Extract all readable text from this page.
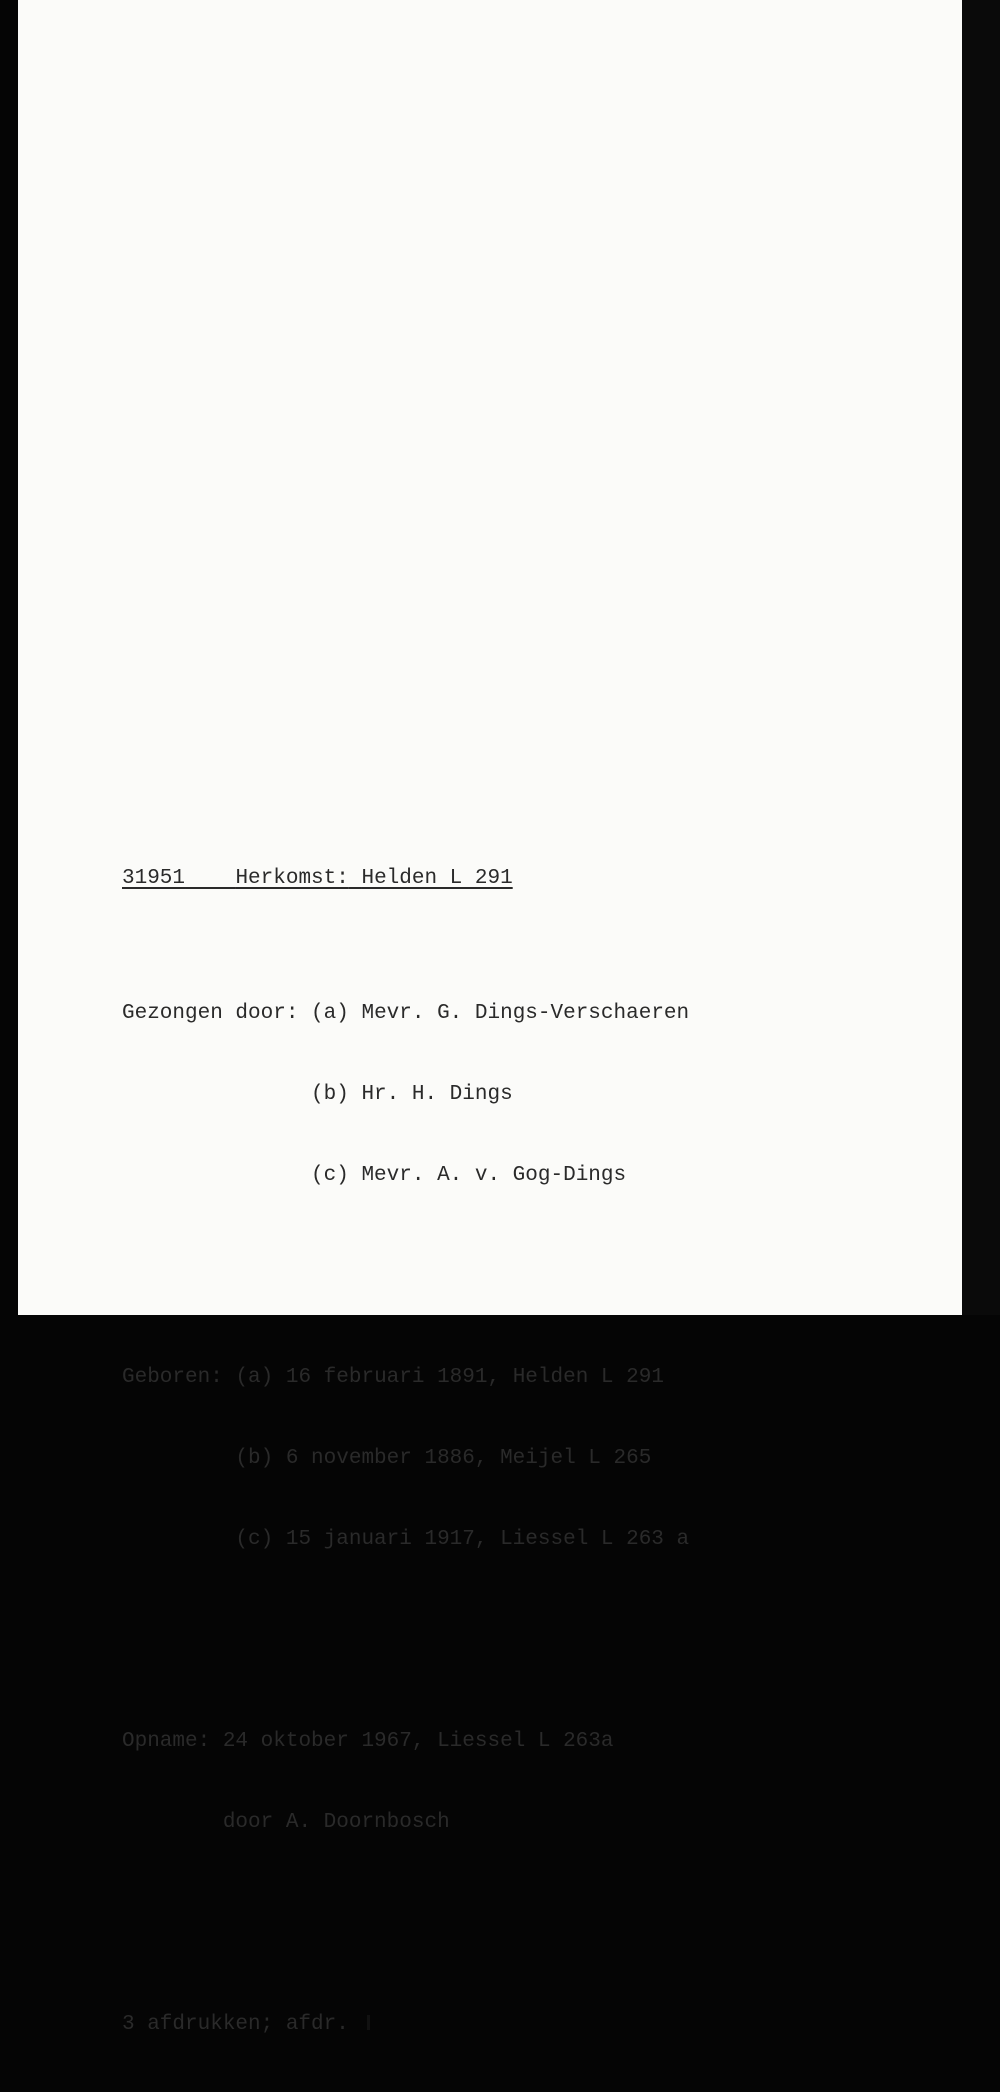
31951 Herkomst: Helden L 291

Gezongen door: (a) Mevr. G. Dings-Verschaeren

(b) Hr. H. Dings

(c) Mevr. A. v. Gog-Dings

Geboren: (a) 16 februari 1891, Helden L 291

(b) 6 november 1886, Meijel L 265

(c) 15 januari 1917, Liessel L 263 a

Opname: 24 oktober 1967, Liessel L 263a

door A. Doornbosch

3 afdrukken; afdr.
